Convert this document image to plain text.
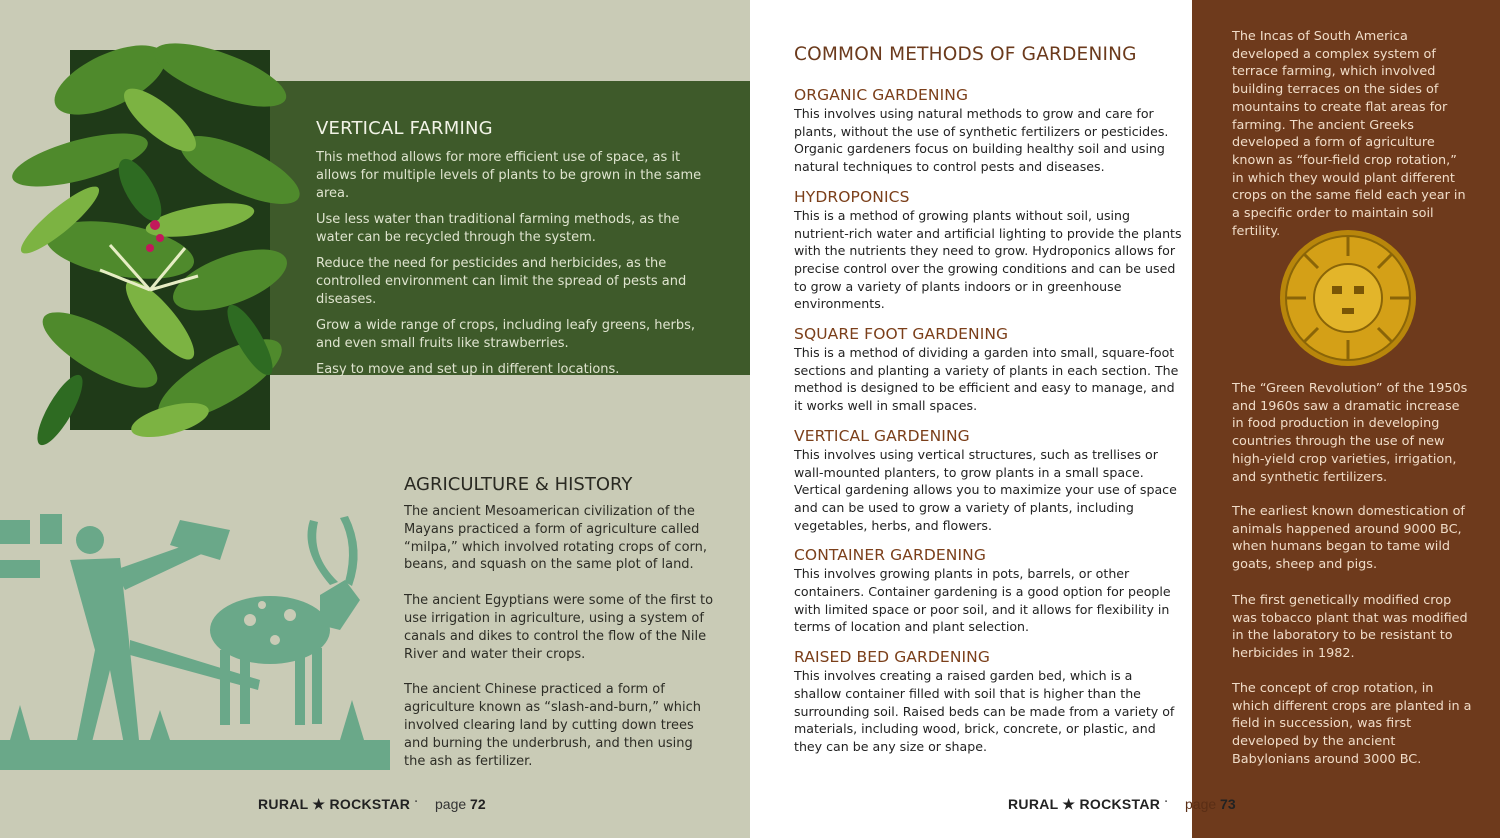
VERTICAL FARMING
This method allows for more efficient use of space, as it allows for multiple levels of plants to be grown in the same area.
Use less water than traditional farming methods, as the water can be recycled through the system.
Reduce the need for pesticides and herbicides, as the controlled environment can limit the spread of pests and diseases.
Grow a wide range of crops, including leafy greens, herbs, and even small fruits like strawberries.
Easy to move and set up in different locations.
AGRICULTURE & HISTORY

The ancient Mesoamerican civilization of the Mayans practiced a form of agriculture called “milpa,” which involved rotating crops of corn, beans, and squash on the same plot of land.

The ancient Egyptians were some of the first to use irrigation in agriculture, using a system of canals and dikes to control the flow of the Nile River and water their crops.

The ancient Chinese practiced a form of agriculture known as “slash-and-burn,” which involved clearing land by cutting down trees and burning the underbrush, and then using the ash as fertilizer.

RURAL ★ ROCKSTAR · page 72
COMMON METHODS OF GARDENING
ORGANIC GARDENING

This involves using natural methods to grow and care for plants, without the use of synthetic fertilizers or pesticides. Organic gardeners focus on building healthy soil and using natural techniques to control pests and diseases.

HYDROPONICS

This is a method of growing plants without soil, using nutrient-rich water and artificial lighting to provide the plants with the nutrients they need to grow. Hydroponics allows for precise control over the growing conditions and can be used to grow a variety of plants indoors or in greenhouse environments.

SQUARE FOOT GARDENING

This is a method of dividing a garden into small, square-foot sections and planting a variety of plants in each section. The method is designed to be efficient and easy to manage, and it works well in small spaces.

VERTICAL GARDENING

This involves using vertical structures, such as trellises or wall-mounted planters, to grow plants in a small space. Vertical gardening allows you to maximize your use of space and can be used to grow a variety of plants, including vegetables, herbs, and flowers.

CONTAINER GARDENING

This involves growing plants in pots, barrels, or other containers. Container gardening is a good option for people with limited space or poor soil, and it allows for flexibility in terms of location and plant selection.

RAISED BED GARDENING

This involves creating a raised garden bed, which is a shallow container filled with soil that is higher than the surrounding soil. Raised beds can be made from a variety of materials, including wood, brick, concrete, or plastic, and they can be any size or shape.

RURAL ★ ROCKSTAR ·

The Incas of South America developed a complex system of terrace farming, which involved building terraces on the sides of mountains to create flat areas for farming. The ancient Greeks developed a form of agriculture known as “four-field crop rotation,” in which they would plant different crops on the same field each year in a specific order to maintain soil fertility.

The “Green Revolution” of the 1950s and 1960s saw a dramatic increase in food production in developing countries through the use of new high-yield crop varieties, irrigation, and synthetic fertilizers.

The earliest known domestication of animals happened around 9000 BC, when humans began to tame wild goats, sheep and pigs.

The first genetically modified crop was tobacco plant that was modified in the laboratory to be resistant to herbicides in 1982.

The concept of crop rotation, in which different crops are planted in a field in succession, was first developed by the ancient Babylonians around 3000 BC.

page 73
